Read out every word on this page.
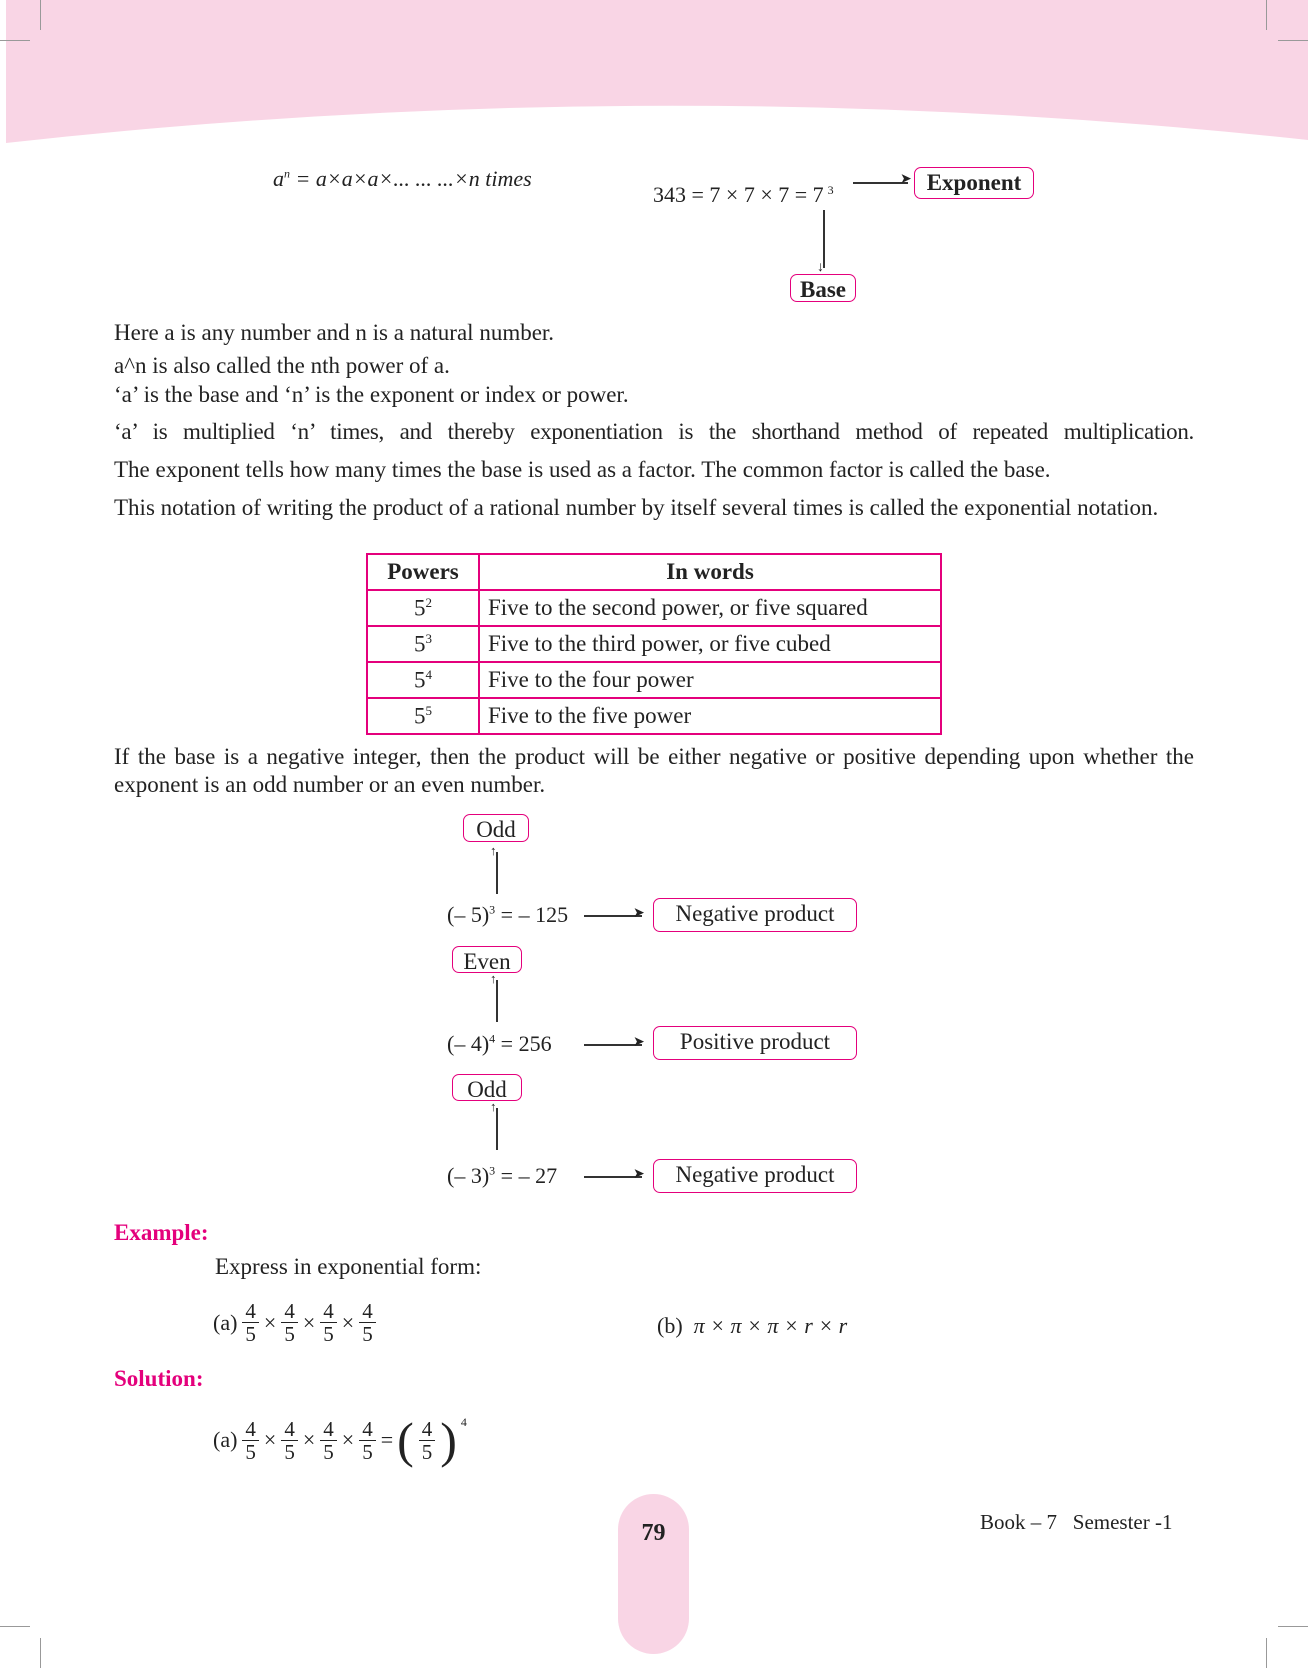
$a^n = a\times a\times a\times$... ... ...×n times
343 = 7 × 7 × 7 = 7 $^3$
➤ Exponent
↓
Base
Here a is any number and n is a natural number.
a^n is also called the nth power of a.
‘a’ is the base and ‘n’ is the exponent or index or power.
‘a’ is multiplied ‘n’ times, and thereby exponentiation is the shorthand method of repeated multiplication.
The exponent tells how many times the base is used as a factor. The common factor is called the base.
This notation of writing the product of a rational number by itself several times is called the exponential notation.
Powers	In words
$5^2$	Five to the second power, or five squared
$5^3$	Five to the third power, or five cubed
$5^4$	Five to the four power
$5^5$	Five to the five power
If the base is a negative integer, then the product will be either negative or positive depending upon whether the exponent is an odd number or an even number.
Odd
↑
(– 5)$^3$ = – 125	➤	Negative product
Even
↑
(– 4)$^4$ = 256	➤	Positive product
Odd
↑
(– 3)$^3$ = – 27	➤	Negative product
Example:
Express in exponential form:
$(a) \frac{4}{5} \times \frac{4}{5} \times \frac{4}{5} \times \frac{4}{5}$	(b) π × π × π × r × r
Solution:
$(a) \frac{4}{5} \times \frac{4}{5} \times \frac{4}{5} \times \frac{4}{5}$ = ( $\frac{4}{5}$ ) $^4$
79	Book – 7 Semester -1
